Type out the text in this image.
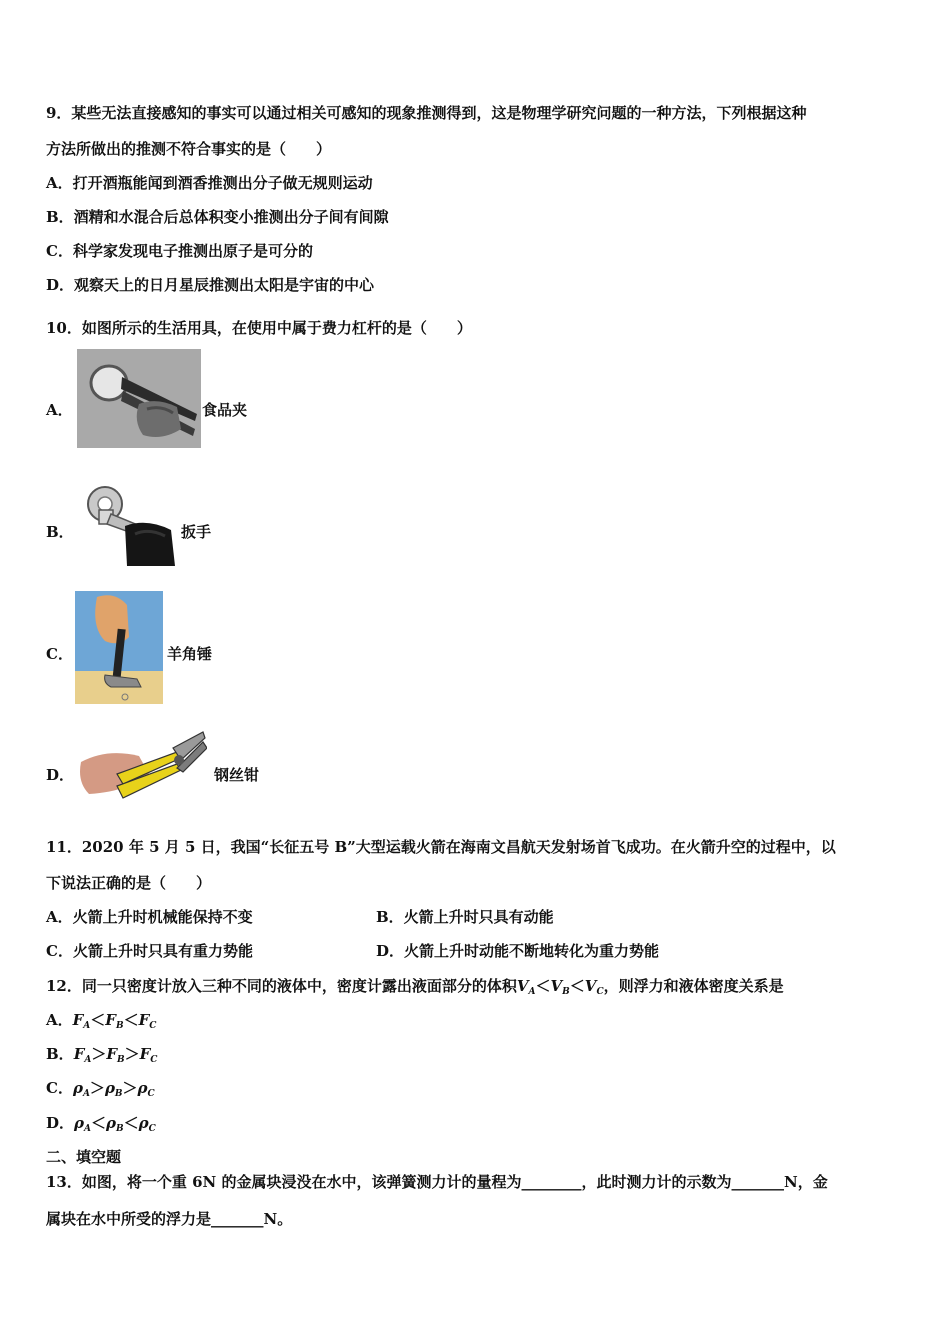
9．某些无法直接感知的事实可以通过相关可感知的现象推测得到，这是物理学研究问题的一种方法，下列根据这种
方法所做出的推测不符合事实的是（　　）
A．打开酒瓶能闻到酒香推测出分子做无规则运动
B．酒精和水混合后总体积变小推测出分子间有间隙
C．科学家发现电子推测出原子是可分的
D．观察天上的日月星辰推测出太阳是宇宙的中心
10．如图所示的生活用具，在使用中属于费力杠杆的是（　　）
A．	食品夹
B．	扳手
C．	羊角锤
D．	钢丝钳
11．2020 年 5 月 5 日，我国“长征五号 B”大型运载火箭在海南文昌航天发射场首飞成功。在火箭升空的过程中，以
下说法正确的是（　　）
A．火箭上升时机械能保持不变	B．火箭上升时只具有动能
C．火箭上升时只具有重力势能	D．火箭上升时动能不断地转化为重力势能
12．同一只密度计放入三种不同的液体中，密度计露出液面部分的体积$V_A<V_B<V_C$，则浮力和液体密度关系是
A．$F_A<F_B<F_C$
B．$F_A>F_B>F_C$
C．$\rho_A>\rho_B>\rho_C$
D．$\rho_A<\rho_B<\rho_C$
二、填空题
13．如图，将一个重 6N 的金属块浸没在水中，该弹簧测力计的量程为________，此时测力计的示数为_______N，金
属块在水中所受的浮力是_______N。
